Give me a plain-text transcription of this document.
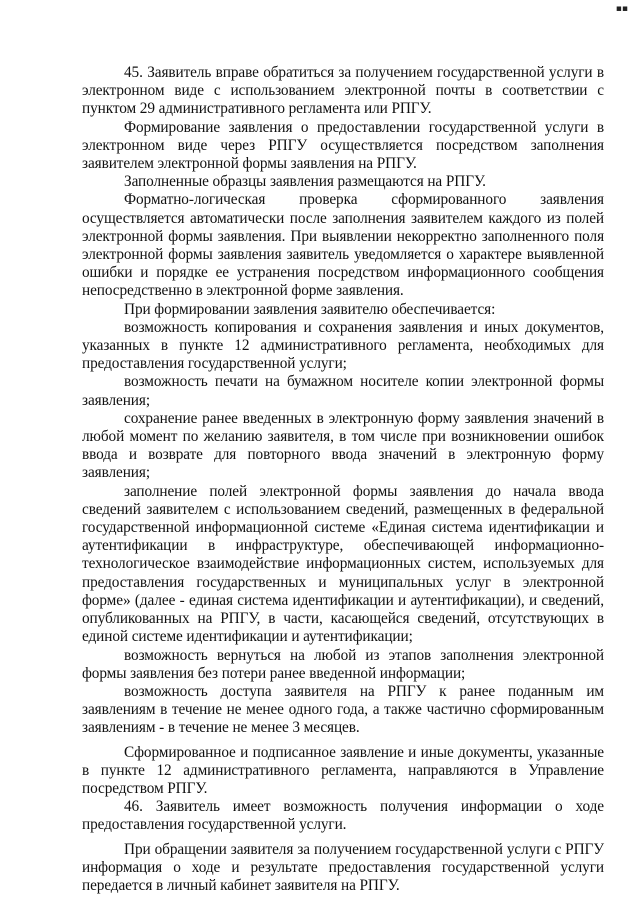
▪▪

45. Заявитель вправе обратиться за получением государственной услуги в электронном виде с использованием электронной почты в соответствии с пунктом 29 административного регламента или РПГУ.

Формирование заявления о предоставлении государственной услуги в электронном виде через РПГУ осуществляется посредством заполнения заявителем электронной формы заявления на РПГУ.

Заполненные образцы заявления размещаются на РПГУ.

Форматно-логическая проверка сформированного заявления осуществляется автоматически после заполнения заявителем каждого из полей электронной формы заявления. При выявлении некорректно заполненного поля электронной формы заявления заявитель уведомляется о характере выявленной ошибки и порядке ее устранения посредством информационного сообщения непосредственно в электронной форме заявления.

При формировании заявления заявителю обеспечивается:

возможность копирования и сохранения заявления и иных документов, указанных в пункте 12 административного регламента, необходимых для предоставления государственной услуги;

возможность печати на бумажном носителе копии электронной формы заявления;

сохранение ранее введенных в электронную форму заявления значений в любой момент по желанию заявителя, в том числе при возникновении ошибок ввода и возврате для повторного ввода значений в электронную форму заявления;

заполнение полей электронной формы заявления до начала ввода сведений заявителем с использованием сведений, размещенных в федеральной государственной информационной системе «Единая система идентификации и аутентификации в инфраструктуре, обеспечивающей информационно-технологическое взаимодействие информационных систем, используемых для предоставления государственных и муниципальных услуг в электронной форме» (далее - единая система идентификации и аутентификации), и сведений, опубликованных на РПГУ, в части, касающейся сведений, отсутствующих в единой системе идентификации и аутентификации;

возможность вернуться на любой из этапов заполнения электронной формы заявления без потери ранее введенной информации;

возможность доступа заявителя на РПГУ к ранее поданным им заявлениям в течение не менее одного года, а также частично сформированным заявлениям - в течение не менее 3 месяцев.

Сформированное и подписанное заявление и иные документы, указанные в пункте 12 административного регламента, направляются в Управление посредством РПГУ.

46. Заявитель имеет возможность получения информации о ходе предоставления государственной услуги.

При обращении заявителя за получением государственной услуги с РПГУ информация о ходе и результате предоставления государственной услуги передается в личный кабинет заявителя на РПГУ.
